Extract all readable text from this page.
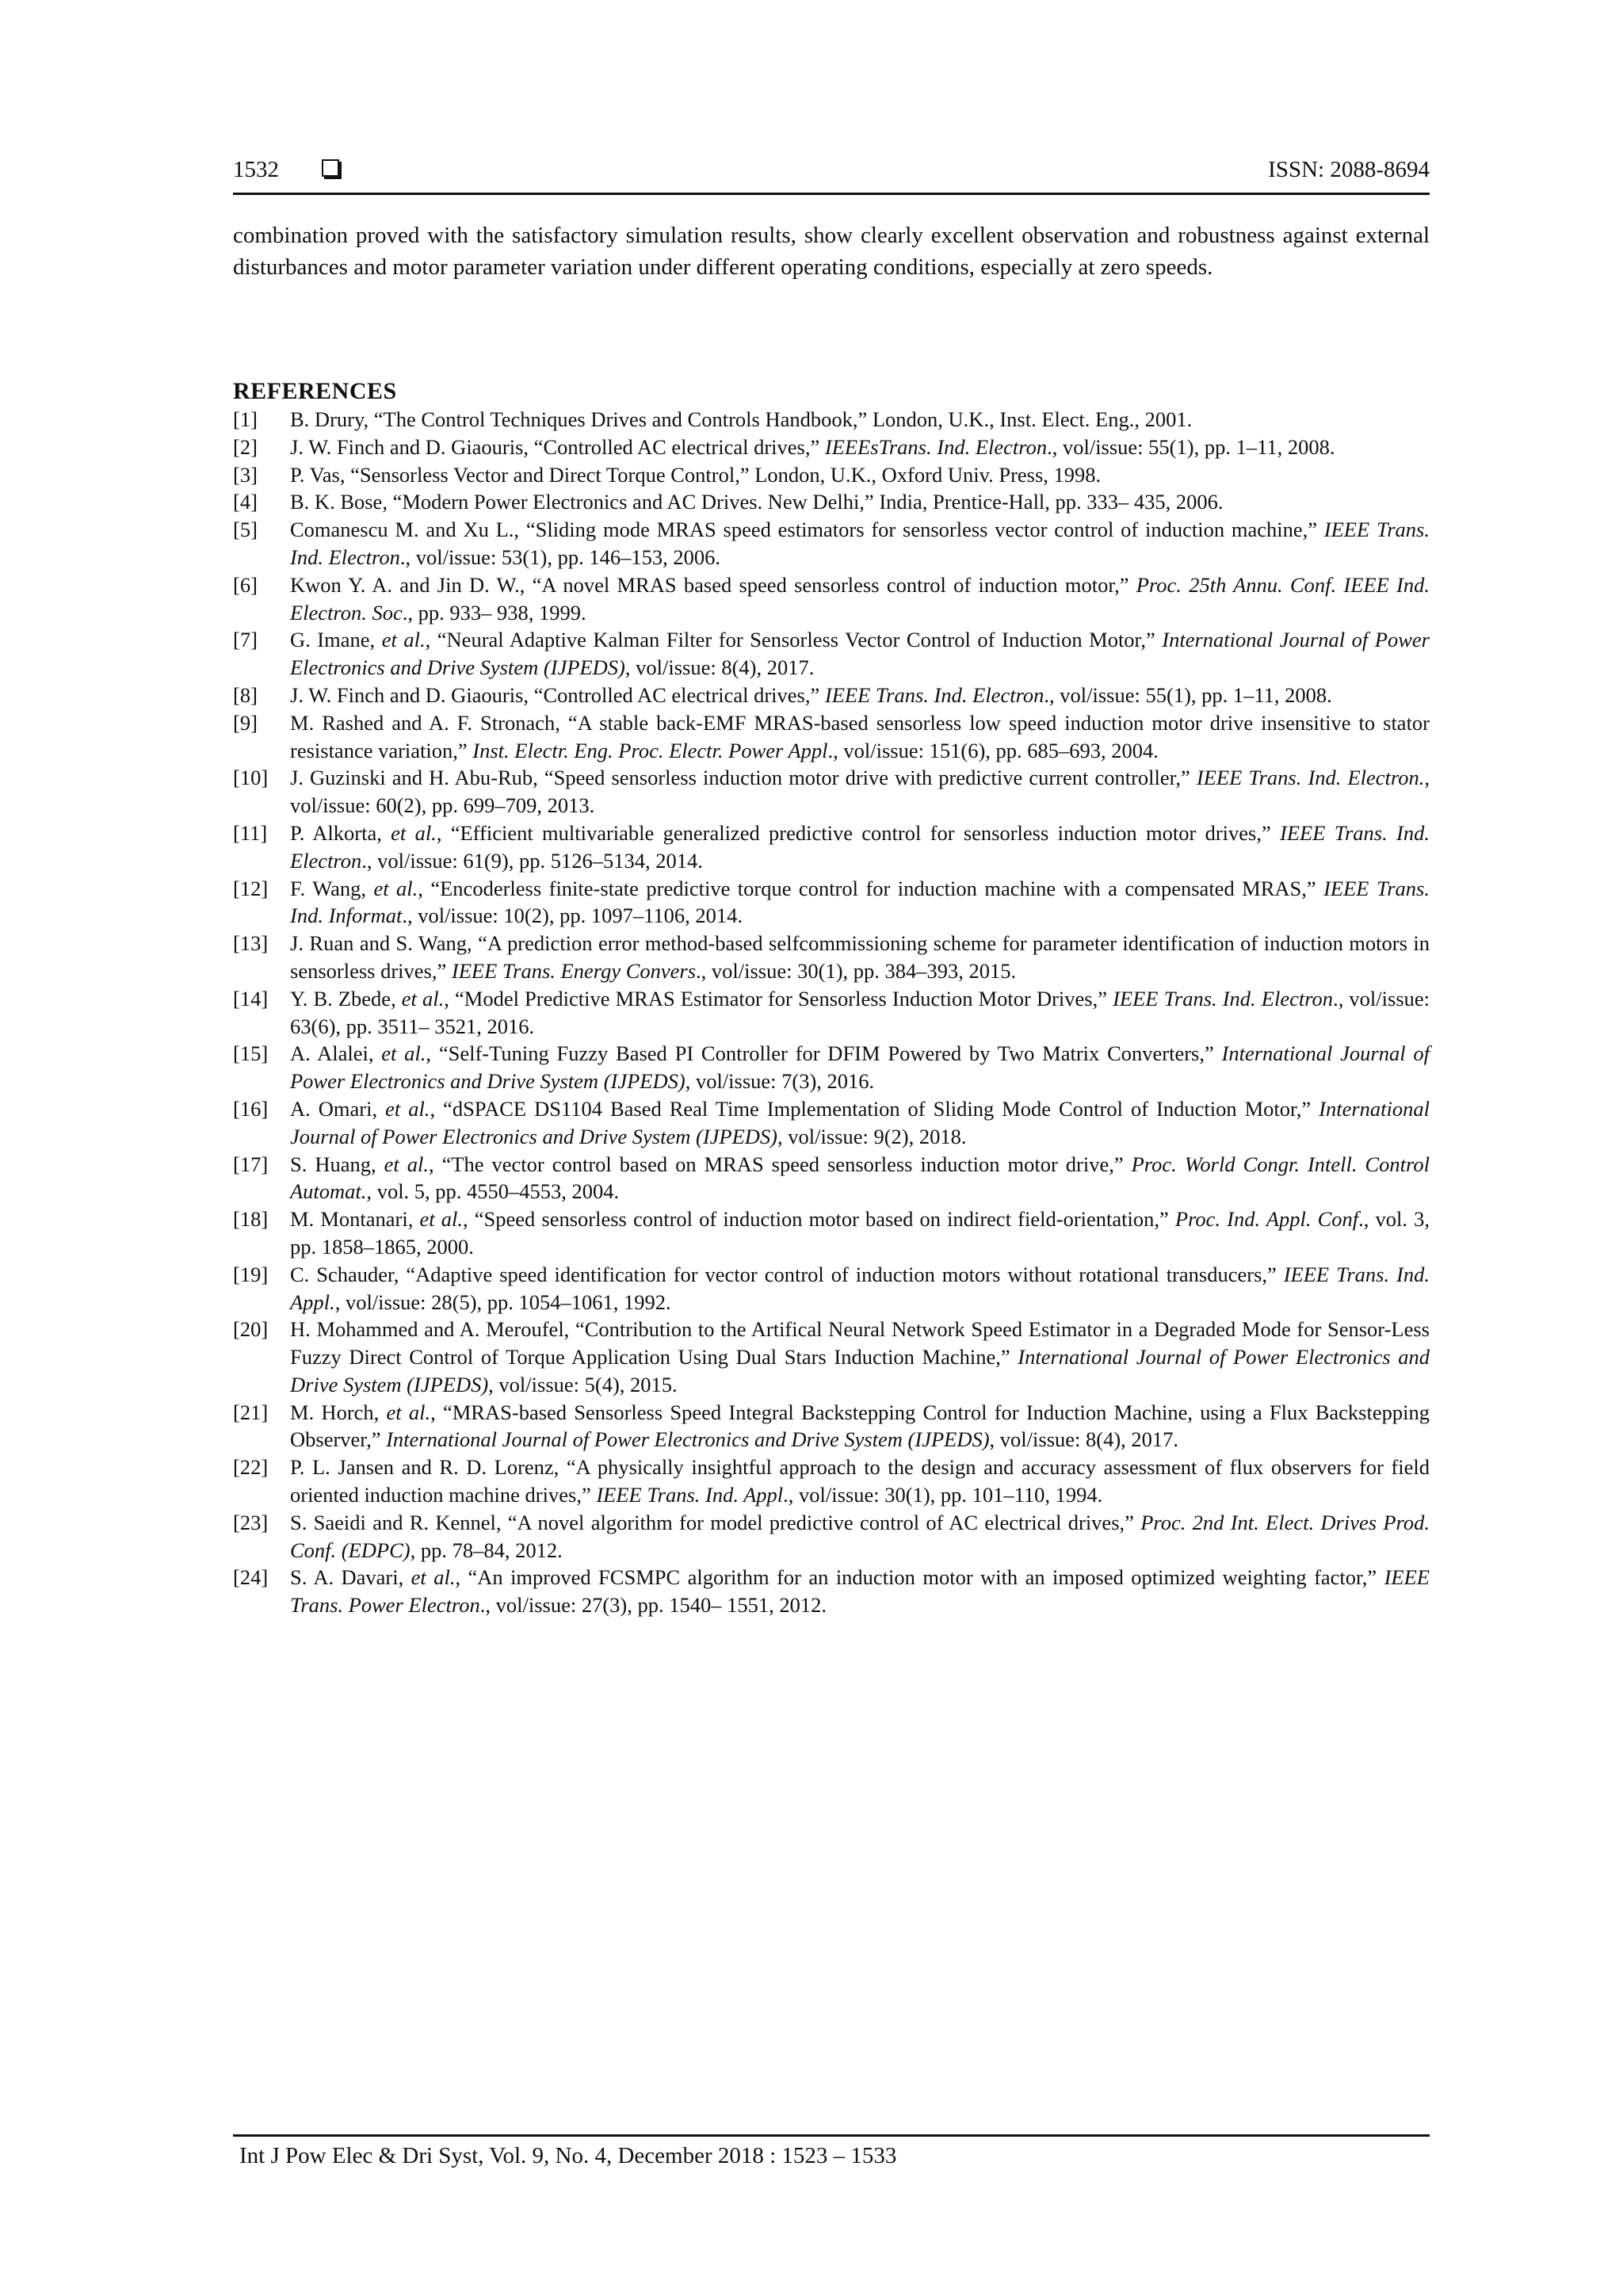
1532	ISSN: 2088-8694

combination proved with the satisfactory simulation results, show clearly excellent observation and robustness against external disturbances and motor parameter variation under different operating conditions, especially at zero speeds.

REFERENCES
[1] B. Drury, “The Control Techniques Drives and Controls Handbook,” London, U.K., Inst. Elect. Eng., 2001.
[2] J. W. Finch and D. Giaouris, “Controlled AC electrical drives,” IEEEsTrans. Ind. Electron., vol/issue: 55(1), pp. 1–11, 2008.
[3] P. Vas, “Sensorless Vector and Direct Torque Control,” London, U.K., Oxford Univ. Press, 1998.
[4] B. K. Bose, “Modern Power Electronics and AC Drives. New Delhi,” India, Prentice-Hall, pp. 333– 435, 2006.
[5] Comanescu M. and Xu L., “Sliding mode MRAS speed estimators for sensorless vector control of induction machine,” IEEE Trans. Ind. Electron., vol/issue: 53(1), pp. 146–153, 2006.
[6] Kwon Y. A. and Jin D. W., “A novel MRAS based speed sensorless control of induction motor,” Proc. 25th Annu. Conf. IEEE Ind. Electron. Soc., pp. 933– 938, 1999.
[7] G. Imane, et al., “Neural Adaptive Kalman Filter for Sensorless Vector Control of Induction Motor,” International Journal of Power Electronics and Drive System (IJPEDS), vol/issue: 8(4), 2017.
[8] J. W. Finch and D. Giaouris, “Controlled AC electrical drives,” IEEE Trans. Ind. Electron., vol/issue: 55(1), pp. 1–11, 2008.
[9] M. Rashed and A. F. Stronach, “A stable back-EMF MRAS-based sensorless low speed induction motor drive insensitive to stator resistance variation,” Inst. Electr. Eng. Proc. Electr. Power Appl., vol/issue: 151(6), pp. 685–693, 2004.
[10] J. Guzinski and H. Abu-Rub, “Speed sensorless induction motor drive with predictive current controller,” IEEE Trans. Ind. Electron., vol/issue: 60(2), pp. 699–709, 2013.
[11] P. Alkorta, et al., “Efficient multivariable generalized predictive control for sensorless induction motor drives,” IEEE Trans. Ind. Electron., vol/issue: 61(9), pp. 5126–5134, 2014.
[12] F. Wang, et al., “Encoderless finite-state predictive torque control for induction machine with a compensated MRAS,” IEEE Trans. Ind. Informat., vol/issue: 10(2), pp. 1097–1106, 2014.
[13] J. Ruan and S. Wang, “A prediction error method-based selfcommissioning scheme for parameter identification of induction motors in sensorless drives,” IEEE Trans. Energy Convers., vol/issue: 30(1), pp. 384–393, 2015.
[14] Y. B. Zbede, et al., “Model Predictive MRAS Estimator for Sensorless Induction Motor Drives,” IEEE Trans. Ind. Electron., vol/issue: 63(6), pp. 3511– 3521, 2016.
[15] A. Alalei, et al., “Self-Tuning Fuzzy Based PI Controller for DFIM Powered by Two Matrix Converters,” International Journal of Power Electronics and Drive System (IJPEDS), vol/issue: 7(3), 2016.
[16] A. Omari, et al., “dSPACE DS1104 Based Real Time Implementation of Sliding Mode Control of Induction Motor,” International Journal of Power Electronics and Drive System (IJPEDS), vol/issue: 9(2), 2018.
[17] S. Huang, et al., “The vector control based on MRAS speed sensorless induction motor drive,” Proc. World Congr. Intell. Control Automat., vol. 5, pp. 4550–4553, 2004.
[18] M. Montanari, et al., “Speed sensorless control of induction motor based on indirect field-orientation,” Proc. Ind. Appl. Conf., vol. 3, pp. 1858–1865, 2000.
[19] C. Schauder, “Adaptive speed identification for vector control of induction motors without rotational transducers,” IEEE Trans. Ind. Appl., vol/issue: 28(5), pp. 1054–1061, 1992.
[20] H. Mohammed and A. Meroufel, “Contribution to the Artifical Neural Network Speed Estimator in a Degraded Mode for Sensor-Less Fuzzy Direct Control of Torque Application Using Dual Stars Induction Machine,” International Journal of Power Electronics and Drive System (IJPEDS), vol/issue: 5(4), 2015.
[21] M. Horch, et al., “MRAS-based Sensorless Speed Integral Backstepping Control for Induction Machine, using a Flux Backstepping Observer,” International Journal of Power Electronics and Drive System (IJPEDS), vol/issue: 8(4), 2017.
[22] P. L. Jansen and R. D. Lorenz, “A physically insightful approach to the design and accuracy assessment of flux observers for field oriented induction machine drives,” IEEE Trans. Ind. Appl., vol/issue: 30(1), pp. 101–110, 1994.
[23] S. Saeidi and R. Kennel, “A novel algorithm for model predictive control of AC electrical drives,” Proc. 2nd Int. Elect. Drives Prod. Conf. (EDPC), pp. 78–84, 2012.
[24] S. A. Davari, et al., “An improved FCSMPC algorithm for an induction motor with an imposed optimized weighting factor,” IEEE Trans. Power Electron., vol/issue: 27(3), pp. 1540– 1551, 2012.
Int J Pow Elec & Dri Syst, Vol. 9, No. 4, December 2018 : 1523 – 1533
